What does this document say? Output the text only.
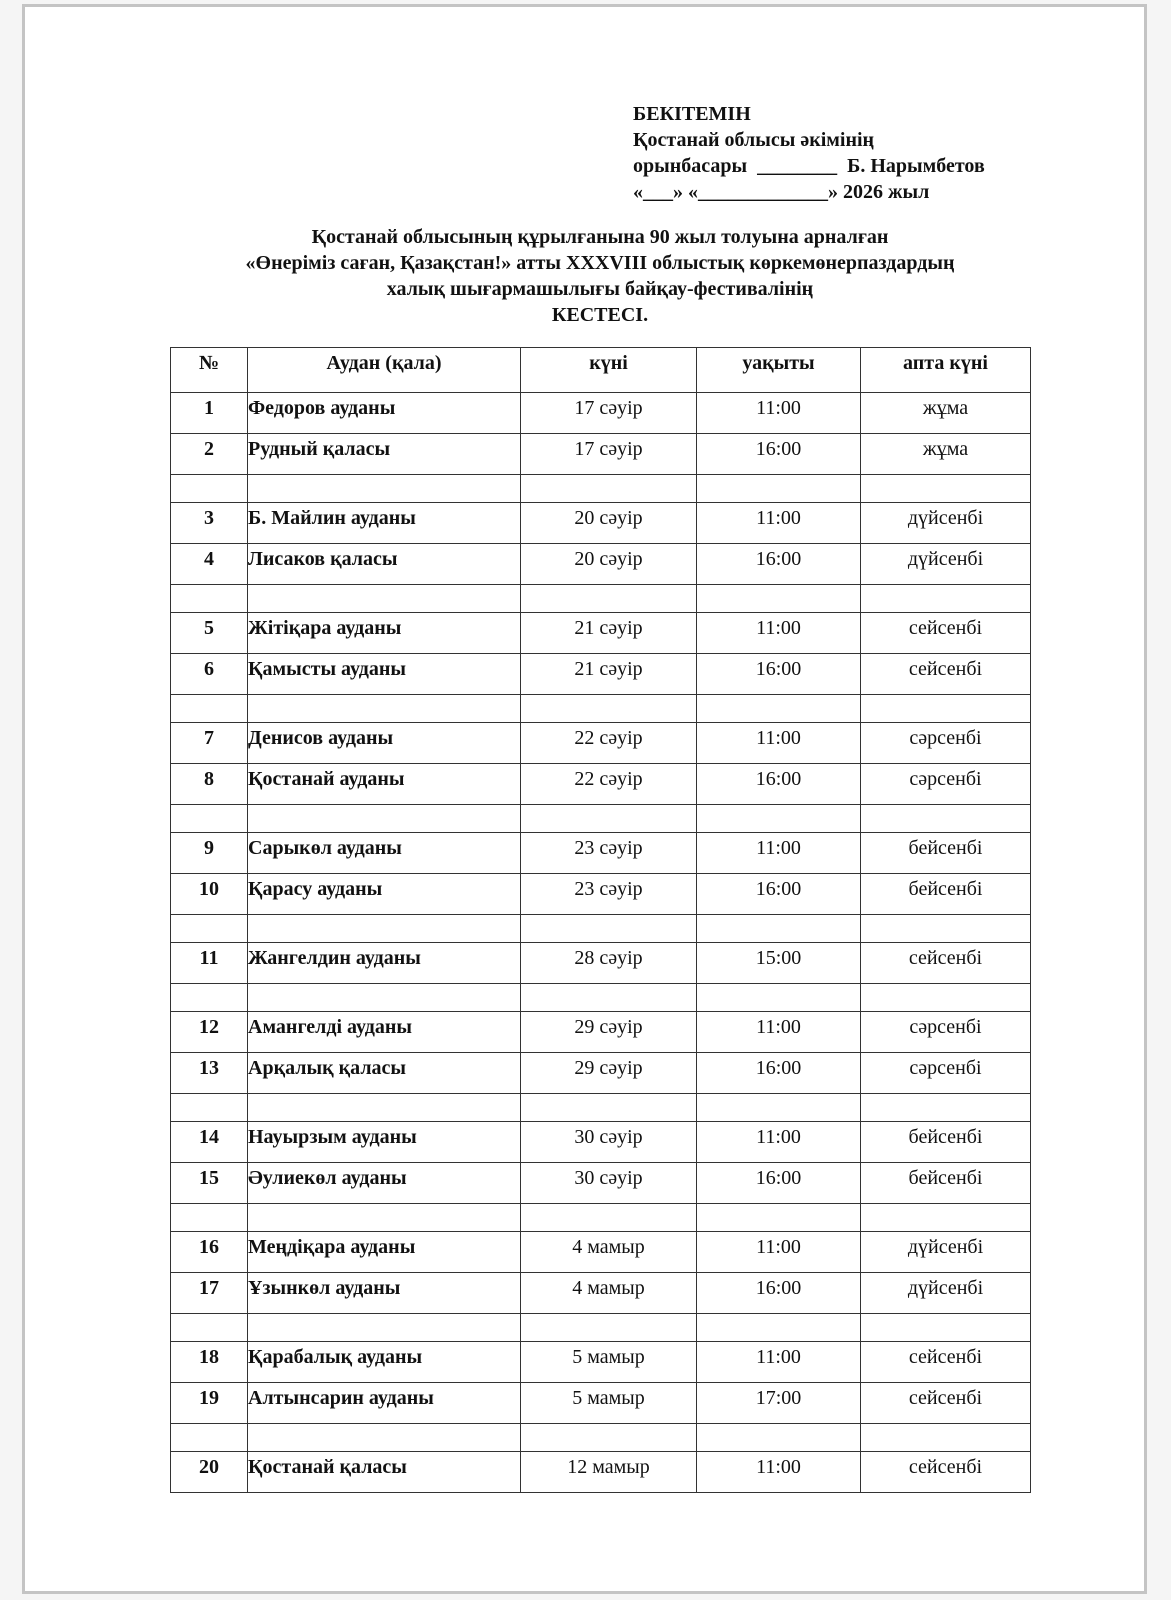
БЕКІТЕМІН
Қостанай облысы әкімінің
орынбасары  ________  Б. Нарымбетов
«___» «_____________» 2026 жыл
Қостанай облысының құрылғанына 90 жыл толуына арналған
«Өнеріміз саған, Қазақстан!» атты XXXVIII облыстық көркемөнерпаздардың
халық шығармашылығы байқау-фестивалінің
КЕСТЕСІ.
№	Аудан (қала)	күні	уақыты	апта күні
1	Федоров ауданы	17 сәуір	11:00	жұма
2	Рудный қаласы	17 сәуір	16:00	жұма

3	Б. Майлин ауданы	20 сәуір	11:00	дүйсенбі
4	Лисаков қаласы	20 сәуір	16:00	дүйсенбі

5	Жітіқара ауданы	21 сәуір	11:00	сейсенбі
6	Қамысты ауданы	21 сәуір	16:00	сейсенбі

7	Денисов ауданы	22 сәуір	11:00	сәрсенбі
8	Қостанай ауданы	22 сәуір	16:00	сәрсенбі

9	Сарыкөл ауданы	23 сәуір	11:00	бейсенбі
10	Қарасу ауданы	23 сәуір	16:00	бейсенбі

11	Жангелдин ауданы	28 сәуір	15:00	сейсенбі

12	Амангелді ауданы	29 сәуір	11:00	сәрсенбі
13	Арқалық қаласы	29 сәуір	16:00	сәрсенбі

14	Науырзым ауданы	30 сәуір	11:00	бейсенбі
15	Әулиекөл ауданы	30 сәуір	16:00	бейсенбі

16	Меңдіқара ауданы	4 мамыр	11:00	дүйсенбі
17	Ұзынкөл ауданы	4 мамыр	16:00	дүйсенбі

18	Қарабалық ауданы	5 мамыр	11:00	сейсенбі
19	Алтынсарин ауданы	5 мамыр	17:00	сейсенбі

20	Қостанай қаласы	12 мамыр	11:00	сейсенбі
